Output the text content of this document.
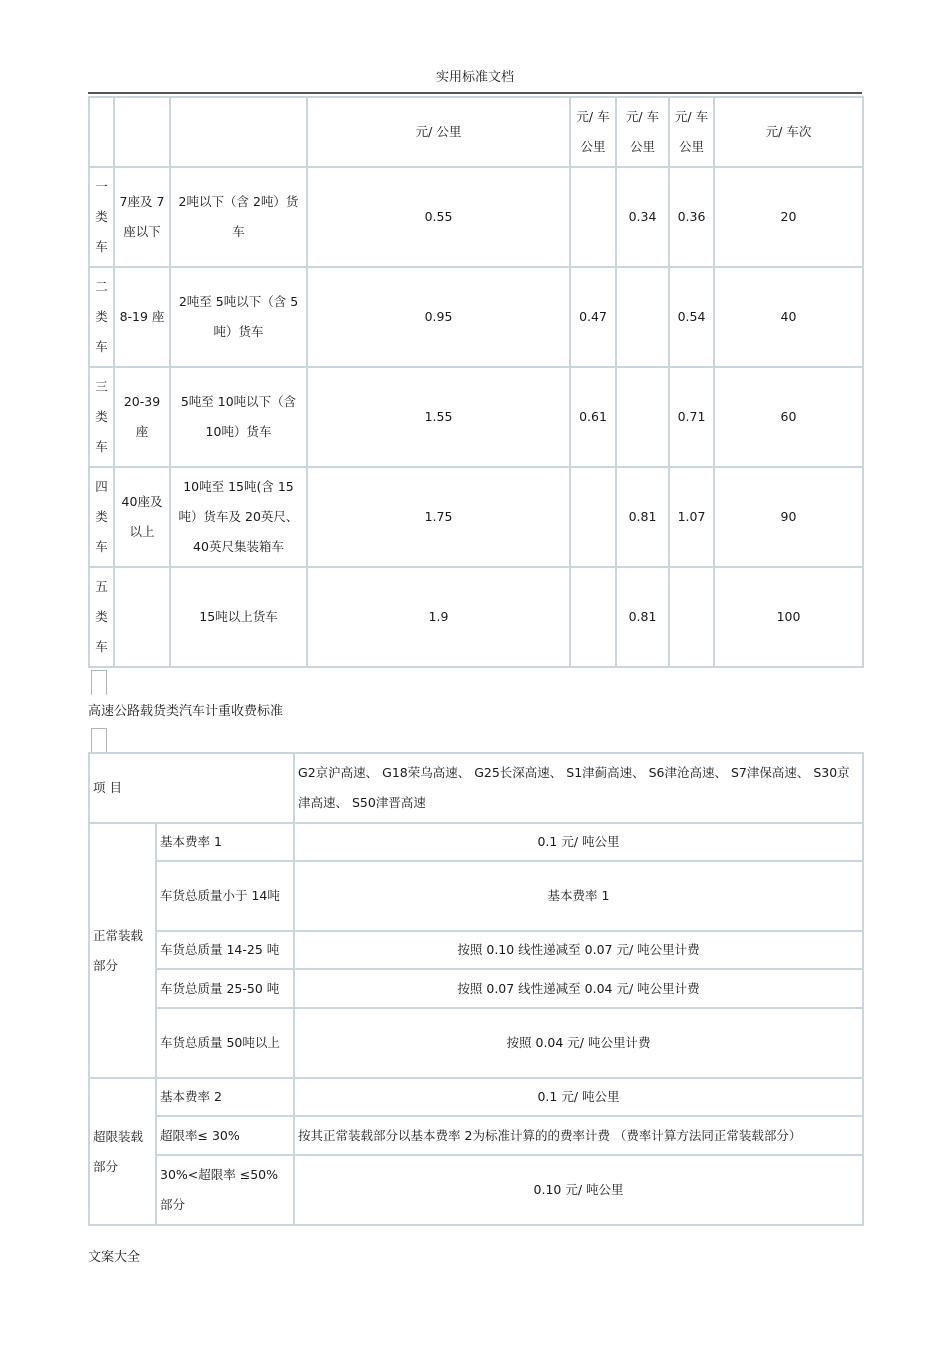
实用标准文档
			元/ 公里	元/ 车 公里	元/ 车 公里	元/ 车 公里	元/ 车次
一类车	7座及 7座以下	2吨以下（含 2吨）货车	0.55		0.34	0.36	20
二类车	8-19 座	2吨至 5吨以下（含 5吨）货车	0.95	0.47		0.54	40
三类车	20-39 座	5吨至 10吨以下（含 10吨）货车	1.55	0.61		0.71	60
四类车	40座及 以上	10吨至 15吨(含 15吨）货车及 20英尺、40英尺集装箱车	1.75		0.81	1.07	90
五类车		15吨以上货车	1.9		0.81		100
高速公路载货类汽车计重收费标准
项 目		G2京沪高速、 G18荣乌高速、 G25长深高速、 S1津蓟高速、 S6津沧高速、 S7津保高速、 S30京津高速、 S50津晋高速
正常装载部分	基本费率 1	0.1 元/ 吨公里
	车货总质量小于 14吨	基本费率 1
	车货总质量 14-25 吨	按照 0.10 线性递减至 0.07 元/ 吨公里计费
	车货总质量 25-50 吨	按照 0.07 线性递减至 0.04 元/ 吨公里计费
	车货总质量 50吨以上	按照 0.04 元/ 吨公里计费
超限装载部分	基本费率 2	0.1 元/ 吨公里
	超限率≤ 30%	按其正常装载部分以基本费率 2为标准计算的的费率计费 （费率计算方法同正常装载部分）
	30%<超限率 ≤50%部分	0.10 元/ 吨公里
文案大全
